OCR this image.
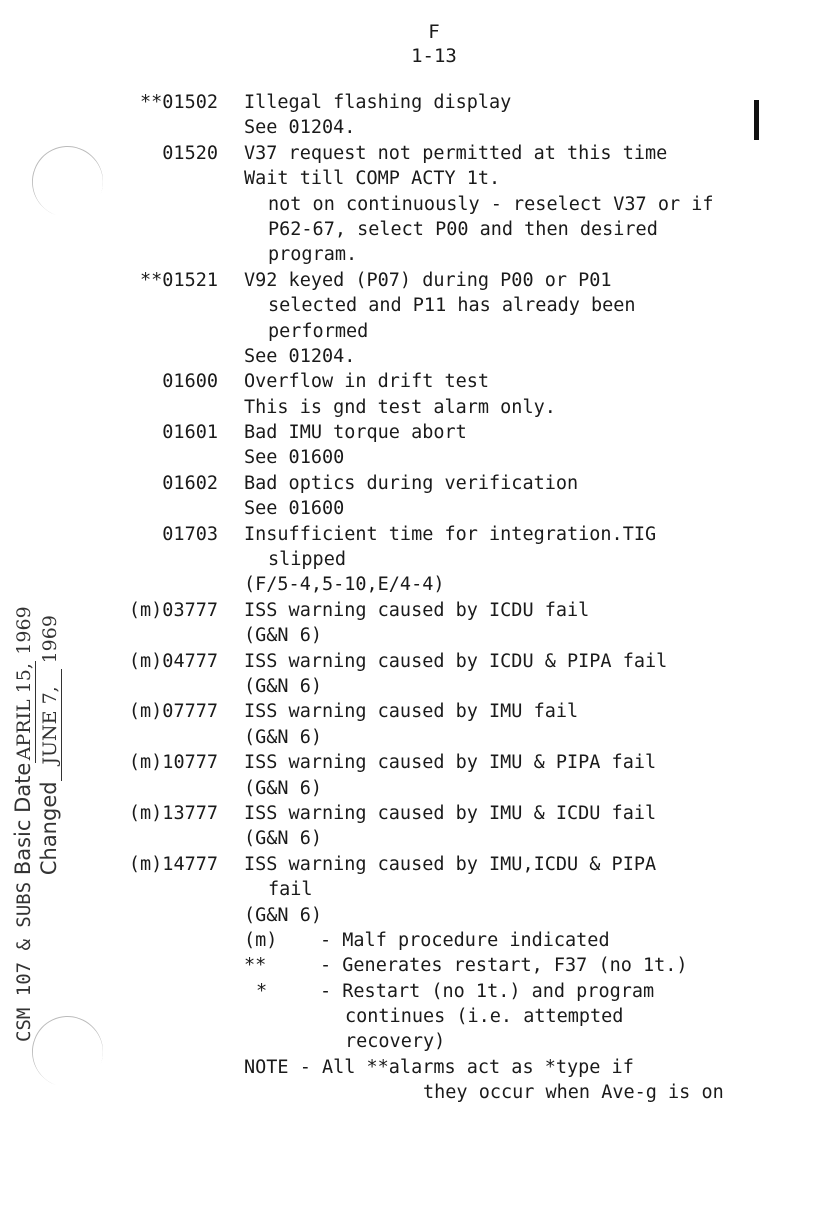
F
1-13

**01502

Illegal flashing display

See 01204.

01520

V37 request not permitted at this time

Wait till COMP ACTY 1t.

not on continuously - reselect V37 or if

P62-67, select P00 and then desired

program.

**01521

V92 keyed (P07) during P00 or P01

selected and P11 has already been

performed

See 01204.

01600

Overflow in drift test

This is gnd test alarm only.

01601

Bad IMU torque abort

See 01600

01602

Bad optics during verification

See 01600

01703

Insufficient time for integration.TIG

slipped

(F/5-4,5-10,E/4-4)

(m)03777

ISS warning caused by ICDU fail

(G&N 6)

(m)04777

ISS warning caused by ICDU & PIPA fail

(G&N 6)

(m)07777

ISS warning caused by IMU fail

(G&N 6)

(m)10777

ISS warning caused by IMU & PIPA fail

(G&N 6)

(m)13777

ISS warning caused by IMU & ICDU fail

(G&N 6)

(m)14777

ISS warning caused by IMU,ICDU & PIPA

fail

(G&N 6)

(m)

- Malf procedure indicated

**

	- Generates restart, F37 (no 1t.)

*

	- Restart (no 1t.) and program

continues (i.e. attempted

recovery)

NOTE - All **alarms act as *type if

they occur when Ave-g is on

CSM 107 & SUBS Basic DateAPRIL 15,1969
ChangedJUNE 7,1969
